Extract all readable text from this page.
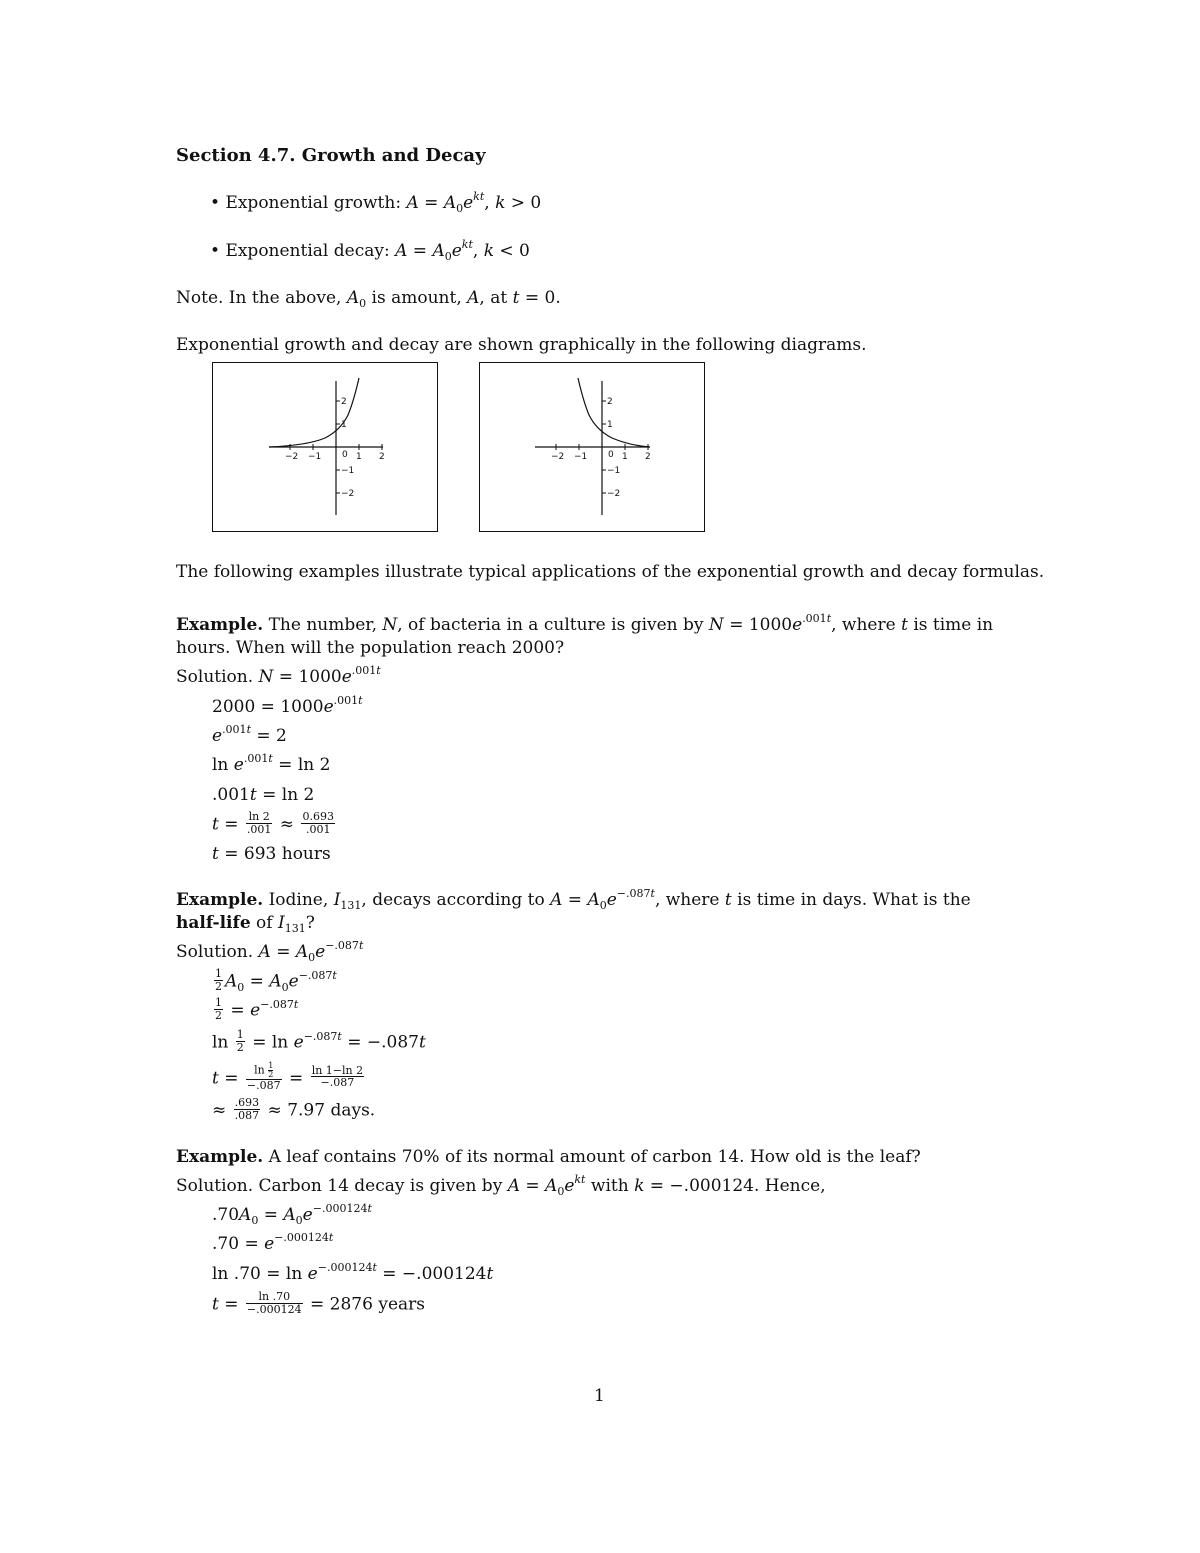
Section 4.7. Growth and Decay
• Exponential growth: $A = A_0e^{kt}$, k > 0
• Exponential decay: $A = A_0e^{kt}$, k < 0
Note. In the above, $A_0$ is amount, A, at t = 0.
Exponential growth and decay are shown graphically in the following diagrams.
−2 −1 0 1 2
2
1
−1
−2
−2 −1 0 1 2
2
1
−1
−2
The following examples illustrate typical applications of the exponential growth and decay formulas.
Example. The number, N, of bacteria in a culture is given by $N = 1000e^{.001t}$, where t is time in
hours. When will the population reach 2000?
Solution. $N = 1000e^{.001t}$
$2000 = 1000e^{.001t}$
$e^{.001t} = 2$
$\ln e^{.001t} = \ln 2$
.001t = ln 2
$t = \frac{\ln 2}{.001} \approx \frac{0.693}{.001}$
t = 693 hours
Example. Iodine, $I_{131}$, decays according to $A = A_0e^{-.087t}$, where t is time in days. What is the
half-life of $I_{131}$?
Solution. $A = A_0e^{-.087t}$
$\frac{1}{2} A_0 = A_0e^{-.087t}$
$\frac{1}{2} = e^{-.087t}$
$\ln \frac{1}{2} = \ln e^{-.087t} = -.087t$
$t = \frac{\ln \frac{1}{2}}{-.087} = \frac{\ln 1-\ln 2}{-.087}$
≈ $\frac{.693}{.087} \approx 7.97$ days.
Example. A leaf contains 70% of its normal amount of carbon 14. How old is the leaf?
Solution. Carbon 14 decay is given by $A = A_0e^{kt}$ with k = −.000124. Hence,
$.70A_0 = A_0e^{-.000124t}$
$.70 = e^{-.000124t}$
$\ln .70 = \ln e^{-.000124t} = -.000124t$
$t = \frac{\ln .70}{-.000124} = 2876$ years
1
